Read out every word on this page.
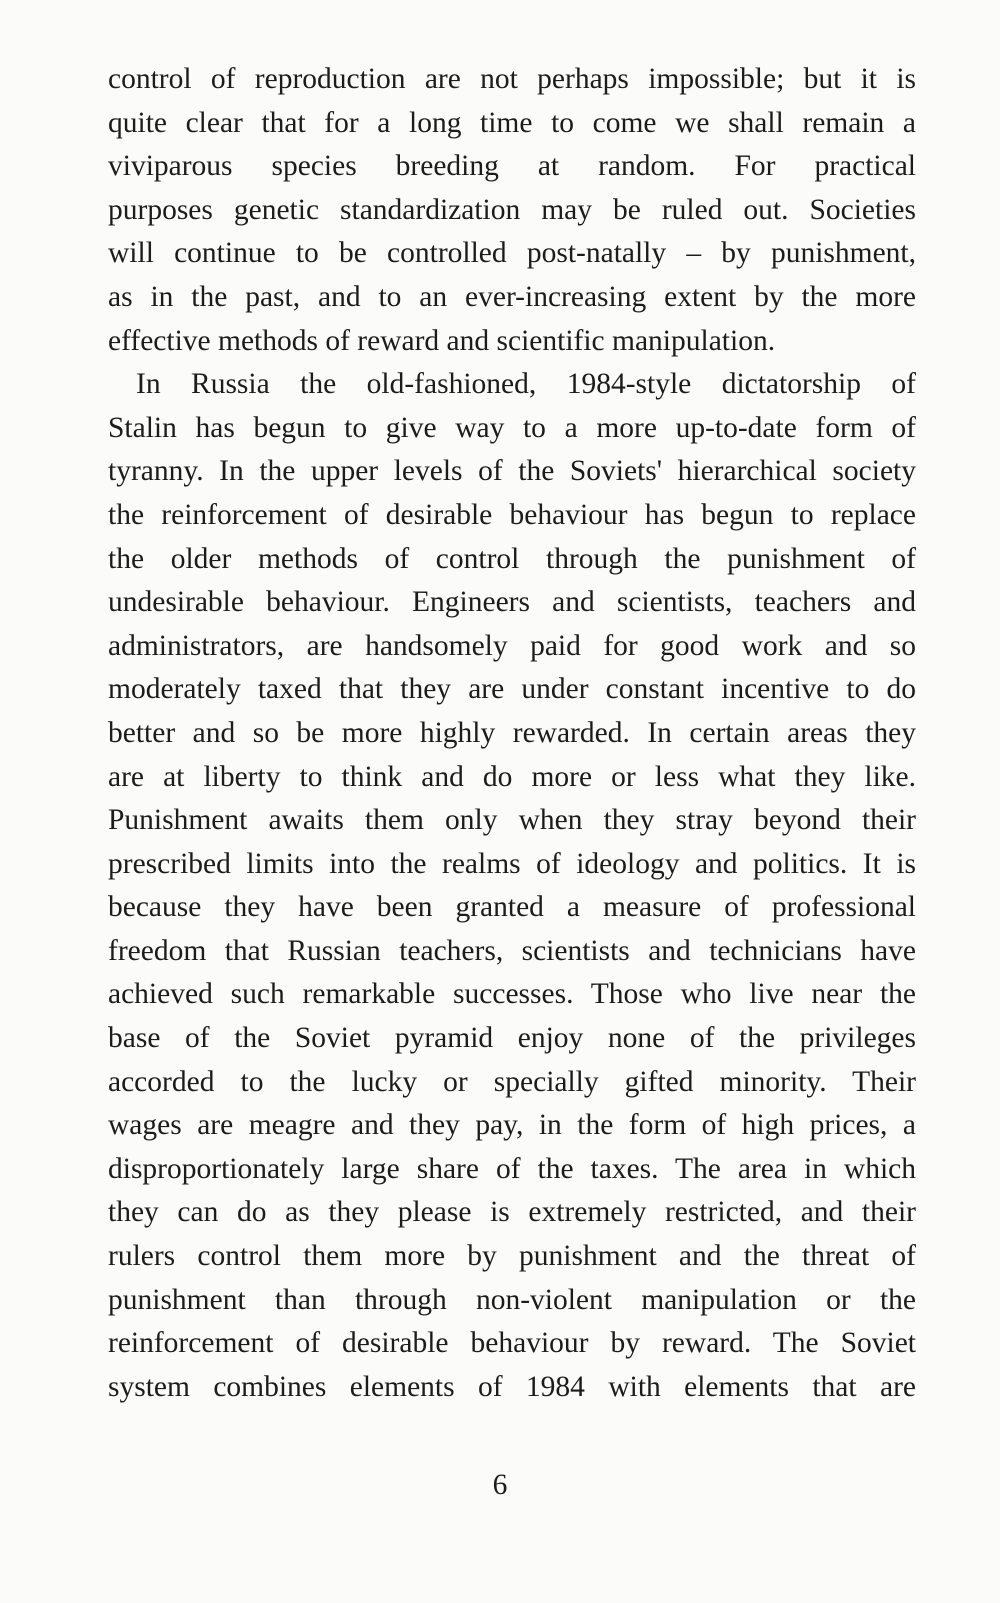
control of reproduction are not perhaps impossible; but it is
quite clear that for a long time to come we shall remain a
viviparous species breeding at random. For practical
purposes genetic standardization may be ruled out. Societies
will continue to be controlled post-natally – by punishment,
as in the past, and to an ever-increasing extent by the more
effective methods of reward and scientific manipulation.
In Russia the old-fashioned, 1984-style dictatorship of
Stalin has begun to give way to a more up-to-date form of
tyranny. In the upper levels of the Soviets' hierarchical society
the reinforcement of desirable behaviour has begun to replace
the older methods of control through the punishment of
undesirable behaviour. Engineers and scientists, teachers and
administrators, are handsomely paid for good work and so
moderately taxed that they are under constant incentive to do
better and so be more highly rewarded. In certain areas they
are at liberty to think and do more or less what they like.
Punishment awaits them only when they stray beyond their
prescribed limits into the realms of ideology and politics. It is
because they have been granted a measure of professional
freedom that Russian teachers, scientists and technicians have
achieved such remarkable successes. Those who live near the
base of the Soviet pyramid enjoy none of the privileges
accorded to the lucky or specially gifted minority. Their
wages are meagre and they pay, in the form of high prices, a
disproportionately large share of the taxes. The area in which
they can do as they please is extremely restricted, and their
rulers control them more by punishment and the threat of
punishment than through non-violent manipulation or the
reinforcement of desirable behaviour by reward. The Soviet
system combines elements of 1984 with elements that are
6
